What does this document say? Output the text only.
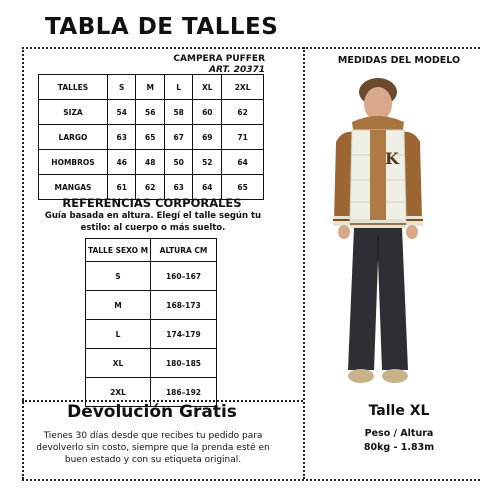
TABLA DE TALLES
CAMPERA PUFFER
ART. 20371
TALLES	S	M	L	XL	2XL
SIZA	54	56	58	60	62
LARGO	63	65	67	69	71
HOMBROS	46	48	50	52	64
MANGAS	61	62	63	64	65
REFERENCIAS CORPORALES
Guía basada en altura. Elegí el talle según tu estilo: al cuerpo o más suelto.
TALLE SEXO M	ALTURA CM
S	160–167
M	168-173
L	174-179
XL	180–185
2XL	186–192
Devolución Gratis
Tienes 30 días desde que recibes tu pedido para devolverlo sin costo, siempre que la prenda esté en buen estado y con su etiqueta original.
MEDIDAS DEL MODELO
K
Talle XL
Peso / Altura
80kg - 1.83m
